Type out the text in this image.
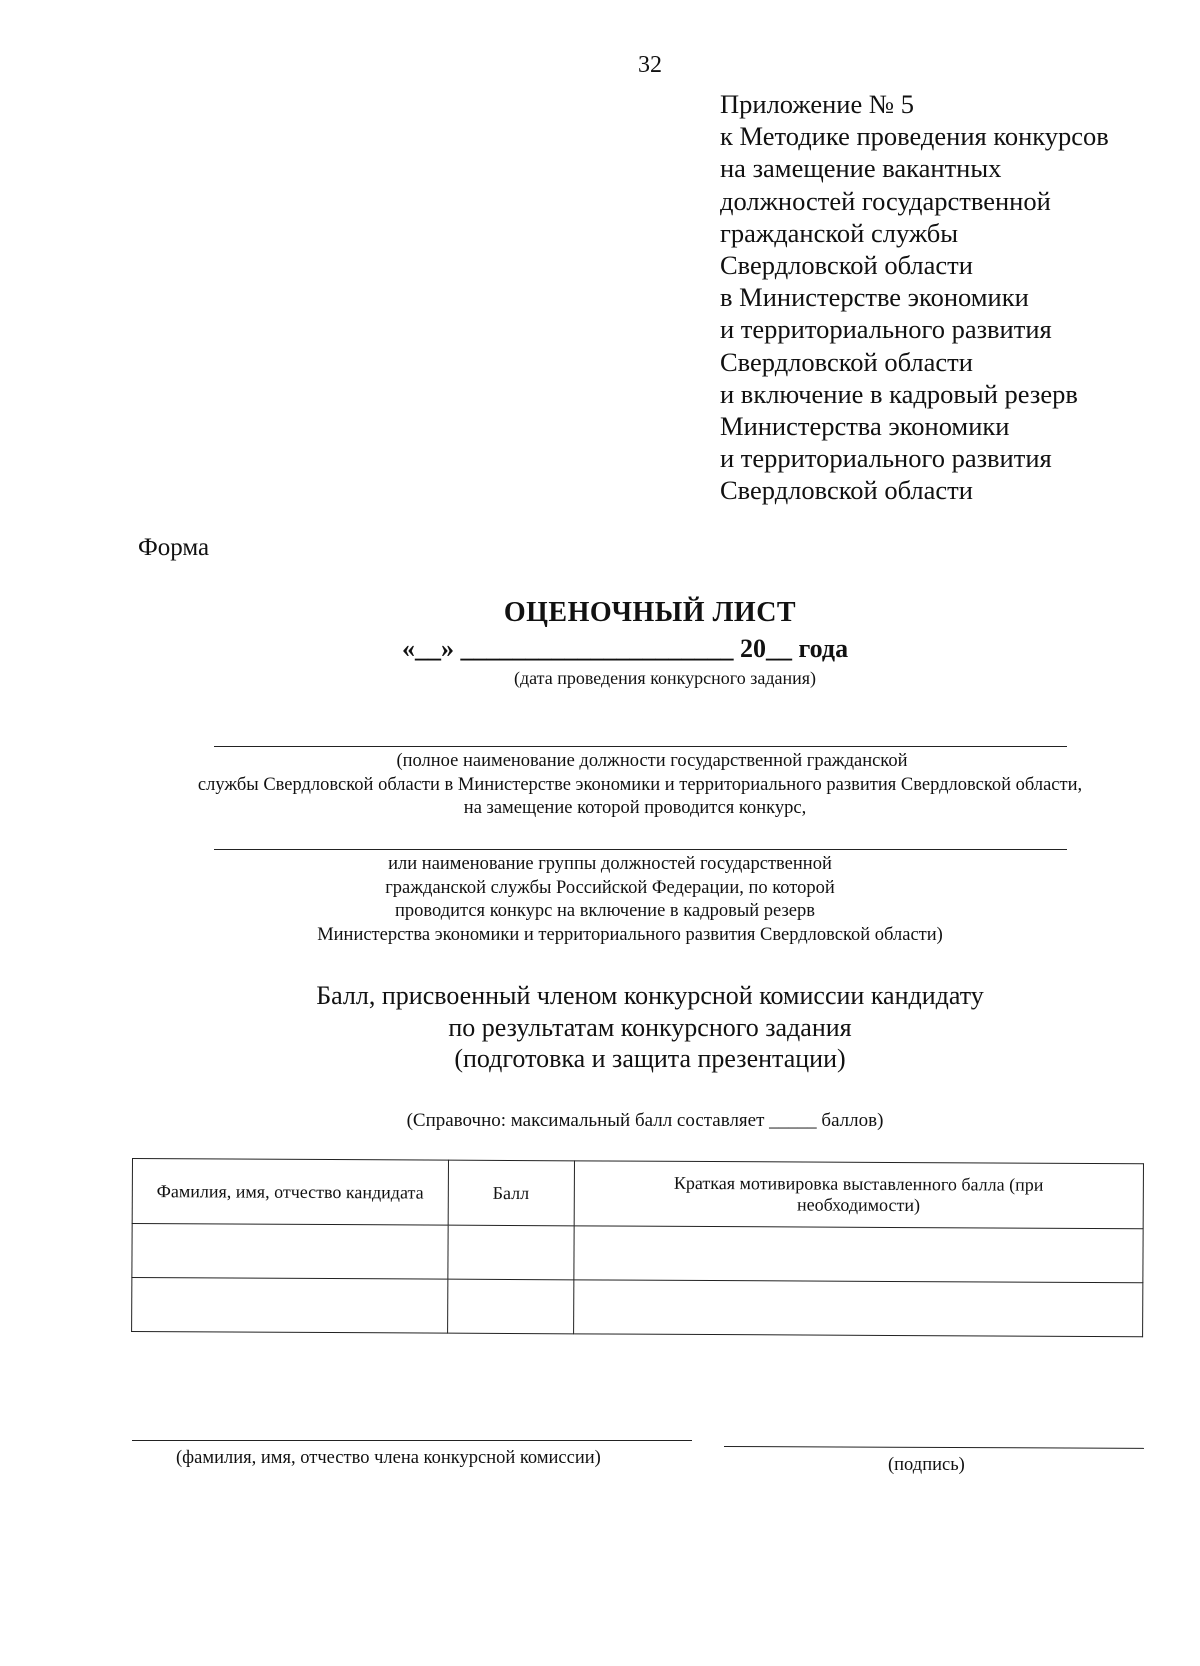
32
Приложение № 5
к Методике проведения конкурсов
на замещение вакантных
должностей государственной
гражданской службы
Свердловской области
в Министерстве экономики
и территориального развития
Свердловской области
и включение в кадровый резерв
Министерства экономики
и территориального развития
Свердловской области
Форма
ОЦЕНОЧНЫЙ ЛИСТ
«__» _____________________ 20__ года
(дата проведения конкурсного задания)
(полное наименование должности государственной гражданской
службы Свердловской области в Министерстве экономики и территориального развития Свердловской области,
на замещение которой проводится конкурс,
или наименование группы должностей государственной
гражданской службы Российской Федерации, по которой
проводится конкурс на включение в кадровый резерв
Министерства экономики и территориального развития Свердловской области)
Балл, присвоенный членом конкурсной комиссии кандидату
по результатам конкурсного задания
(подготовка и защита презентации)
(Справочно: максимальный балл составляет _____ баллов)
Фамилия, имя, отчество кандидата	Балл	Краткая мотивировка выставленного балла (при необходимости)

(фамилия, имя, отчество члена конкурсной комиссии)	(подпись)
